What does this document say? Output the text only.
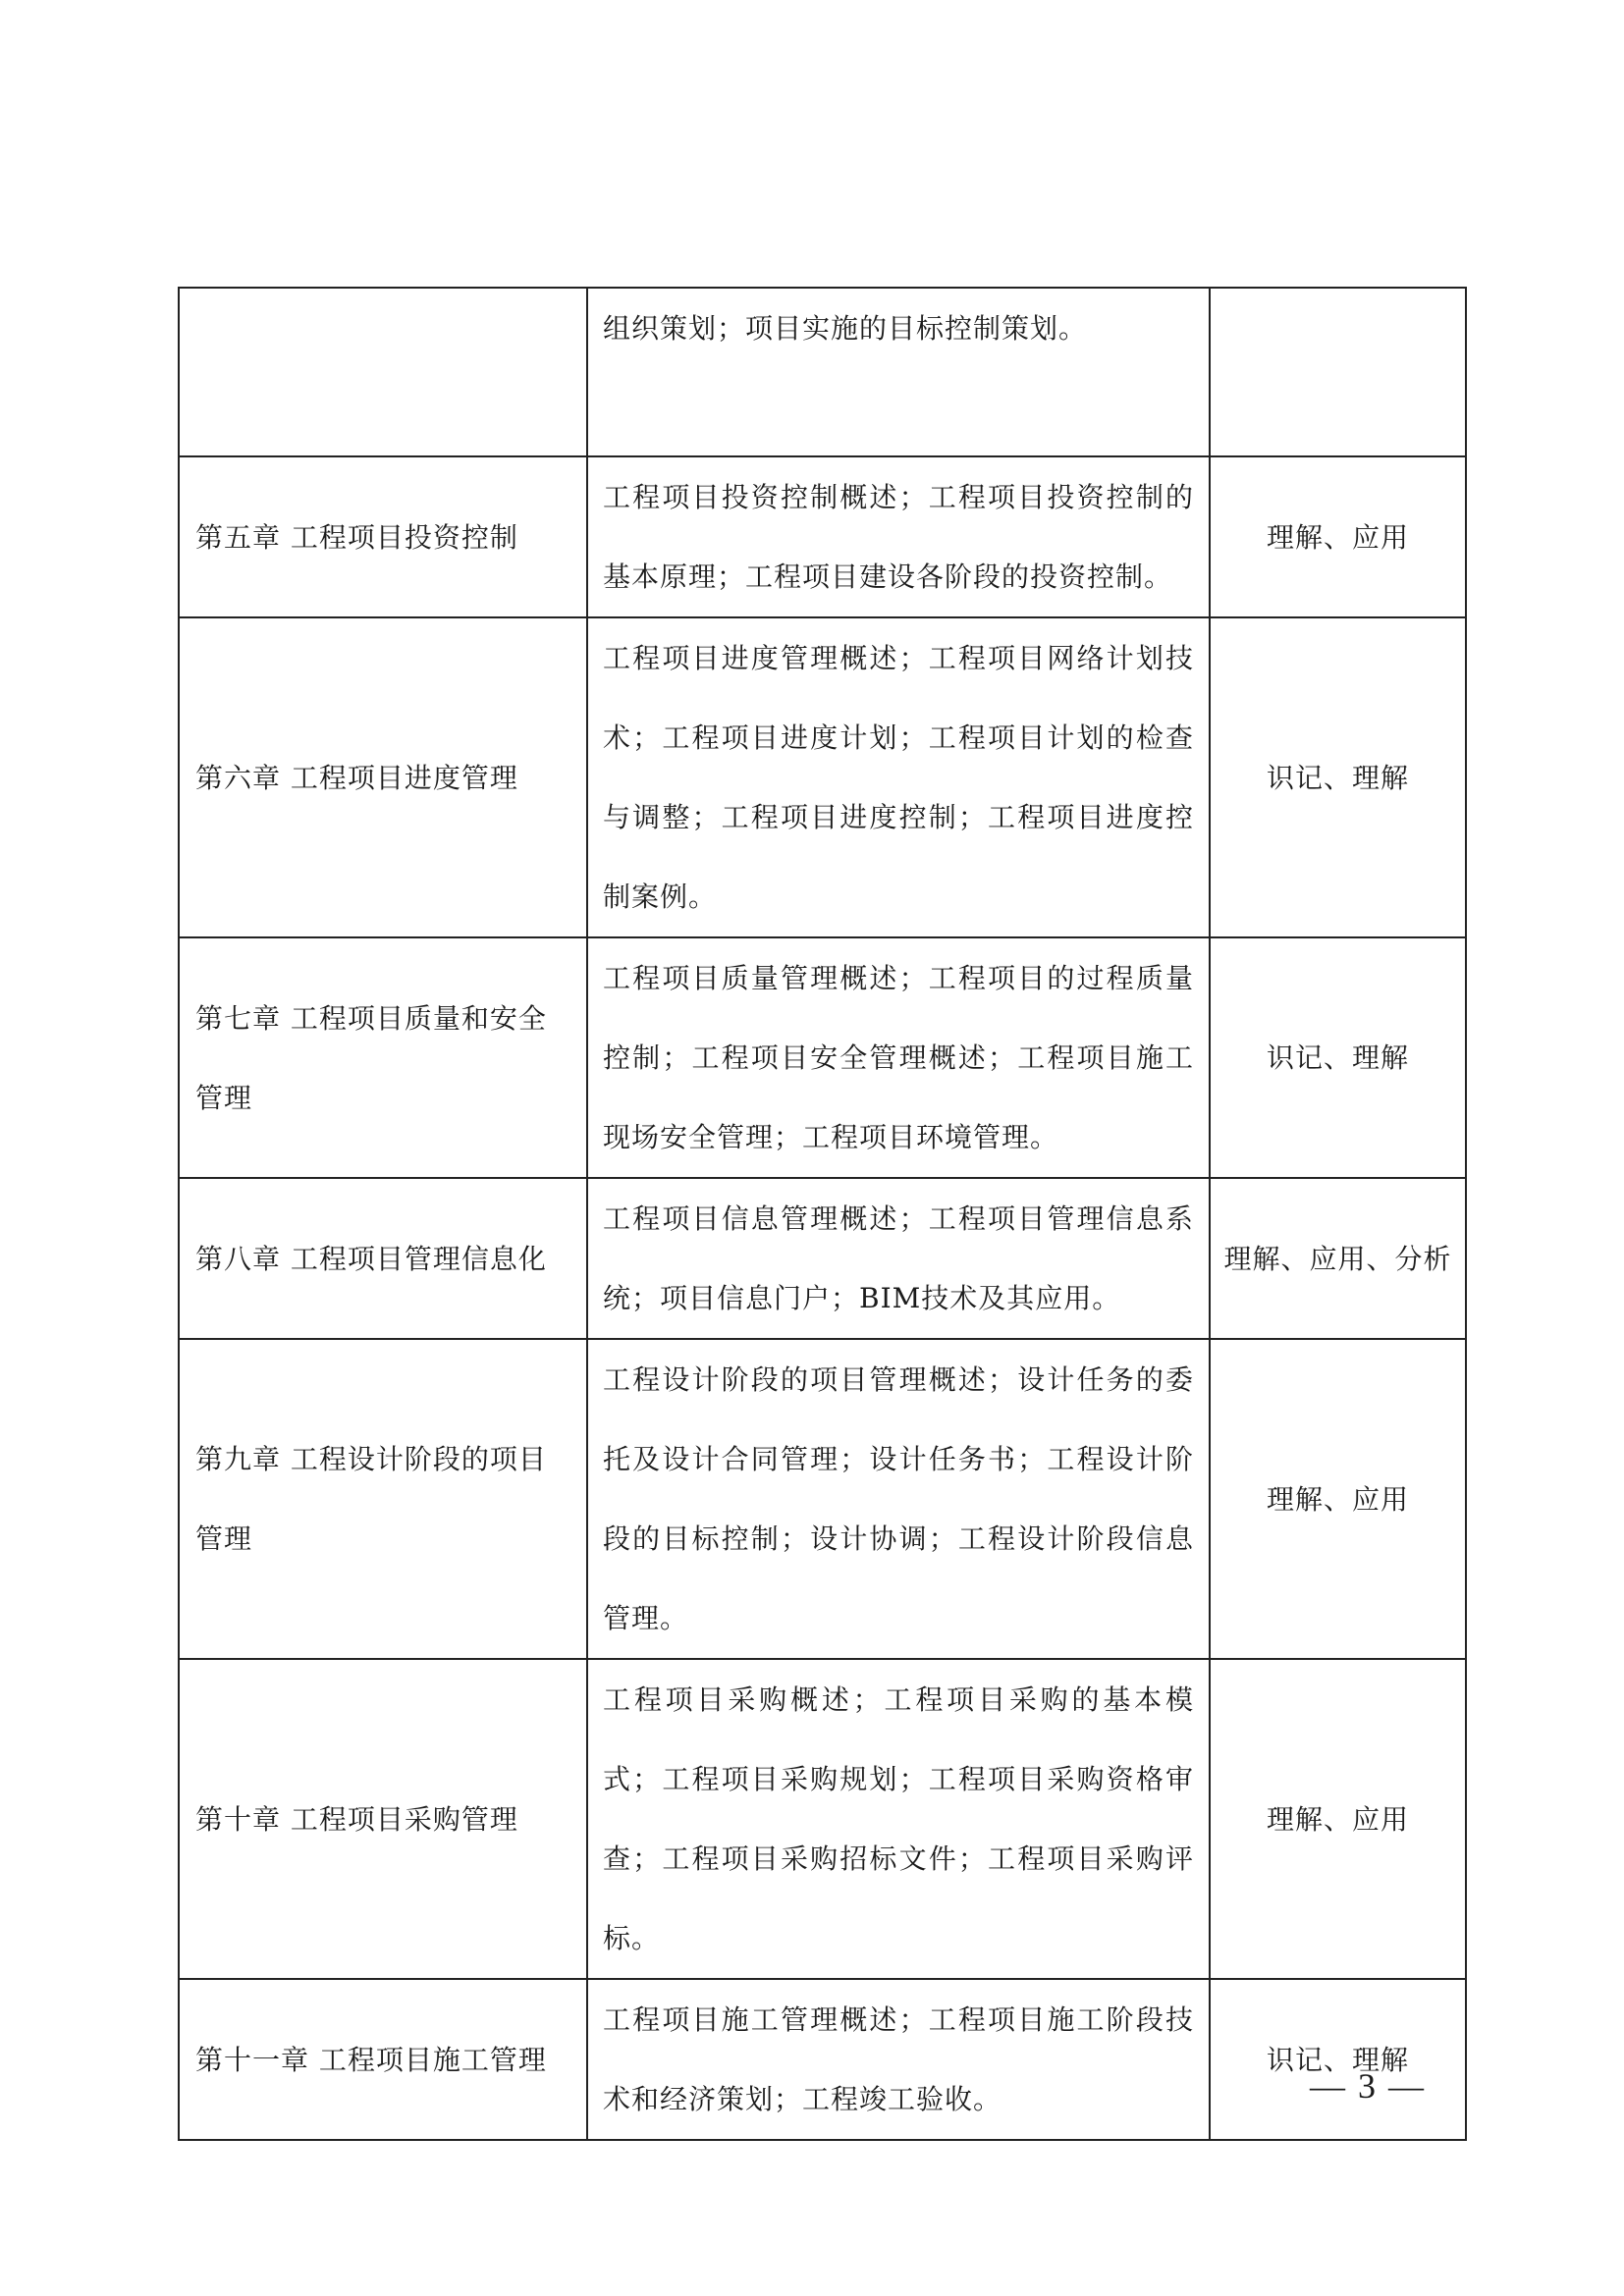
	组织策划；项目实施的目标控制策划。	
第五章 工程项目投资控制	工程项目投资控制概述；工程项目投资控制的基本原理；工程项目建设各阶段的投资控制。	理解、应用
第六章 工程项目进度管理	工程项目进度管理概述；工程项目网络计划技术；工程项目进度计划；工程项目计划的检查与调整；工程项目进度控制；工程项目进度控制案例。	识记、理解
第七章 工程项目质量和安全管理	工程项目质量管理概述；工程项目的过程质量控制；工程项目安全管理概述；工程项目施工现场安全管理；工程项目环境管理。	识记、理解
第八章 工程项目管理信息化	工程项目信息管理概述；工程项目管理信息系统；项目信息门户；BIM技术及其应用。	理解、应用、分析
第九章 工程设计阶段的项目管理	工程设计阶段的项目管理概述；设计任务的委托及设计合同管理；设计任务书；工程设计阶段的目标控制；设计协调；工程设计阶段信息管理。	理解、应用
第十章 工程项目采购管理	工程项目采购概述；工程项目采购的基本模式；工程项目采购规划；工程项目采购资格审查；工程项目采购招标文件；工程项目采购评标。	理解、应用
第十一章 工程项目施工管理	工程项目施工管理概述；工程项目施工阶段技术和经济策划；工程竣工验收。	识记、理解
— 3 —
